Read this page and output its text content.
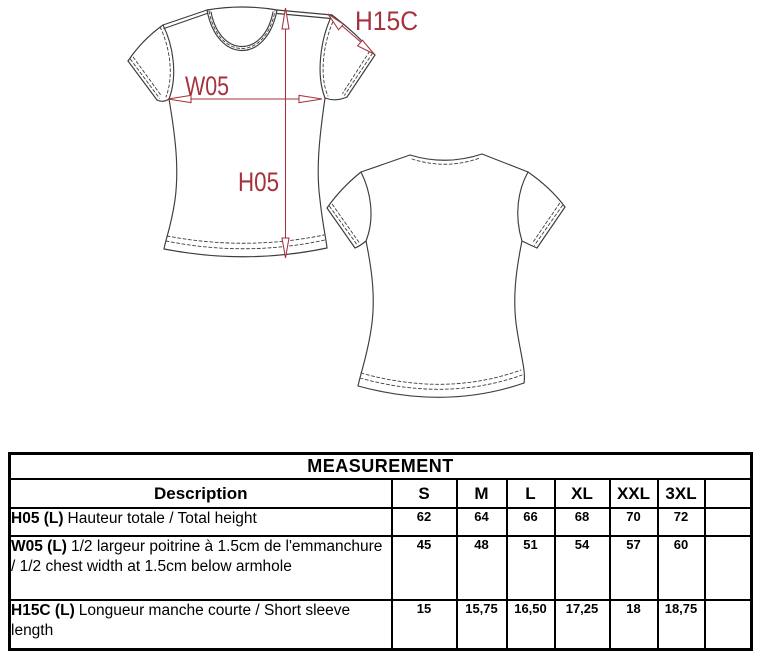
H05
W05
H15C
MEASUREMENT							
Description	S	M	L	XL	XXL	3XL	
H05 (L) Hauteur totale / Total height	62	64	66	68	70	72	
W05 (L) 1/2 largeur poitrine à 1.5cm de l'emmanchure / 1/2 chest width at 1.5cm below armhole	45	48	51	54	57	60	
H15C (L) Longueur manche courte / Short sleeve length	15	15,75	16,50	17,25	18	18,75	
